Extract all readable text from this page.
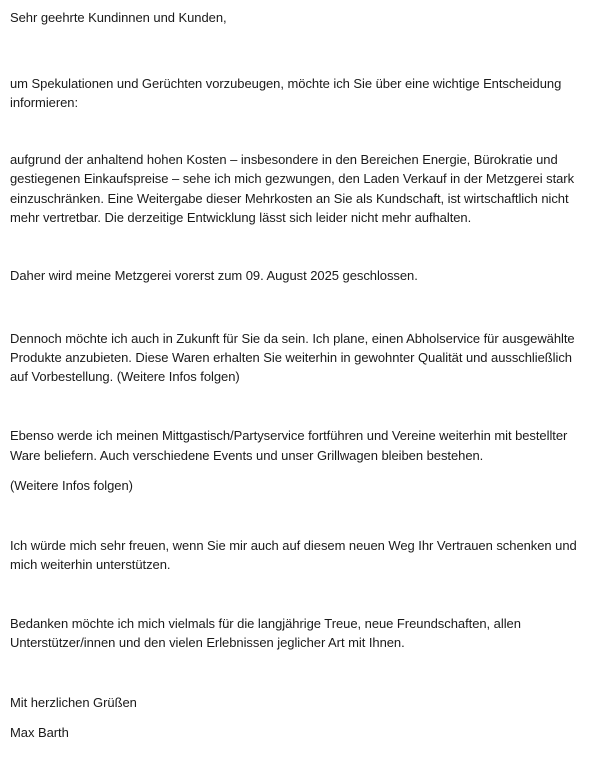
Sehr geehrte Kundinnen und Kunden,
um Spekulationen und Gerüchten vorzubeugen, möchte ich Sie über eine wichtige Entscheidung
informieren:
aufgrund der anhaltend hohen Kosten – insbesondere in den Bereichen Energie, Bürokratie und
gestiegenen Einkaufspreise – sehe ich mich gezwungen, den Laden Verkauf in der Metzgerei stark
einzuschränken. Eine Weitergabe dieser Mehrkosten an Sie als Kundschaft, ist wirtschaftlich nicht
mehr vertretbar. Die derzeitige Entwicklung lässt sich leider nicht mehr aufhalten.
Daher wird meine Metzgerei vorerst zum 09. August 2025 geschlossen.
Dennoch möchte ich auch in Zukunft für Sie da sein. Ich plane, einen Abholservice für ausgewählte
Produkte anzubieten. Diese Waren erhalten Sie weiterhin in gewohnter Qualität und ausschließlich
auf Vorbestellung. (Weitere Infos folgen)
Ebenso werde ich meinen Mittgastisch/Partyservice fortführen und Vereine weiterhin mit bestellter
Ware beliefern. Auch verschiedene Events und unser Grillwagen bleiben bestehen.
(Weitere Infos folgen)
Ich würde mich sehr freuen, wenn Sie mir auch auf diesem neuen Weg Ihr Vertrauen schenken und
mich weiterhin unterstützen.
Bedanken möchte ich mich vielmals für die langjährige Treue, neue Freundschaften, allen
Unterstützer/innen und den vielen Erlebnissen jeglicher Art mit Ihnen.
Mit herzlichen Grüßen
Max Barth
